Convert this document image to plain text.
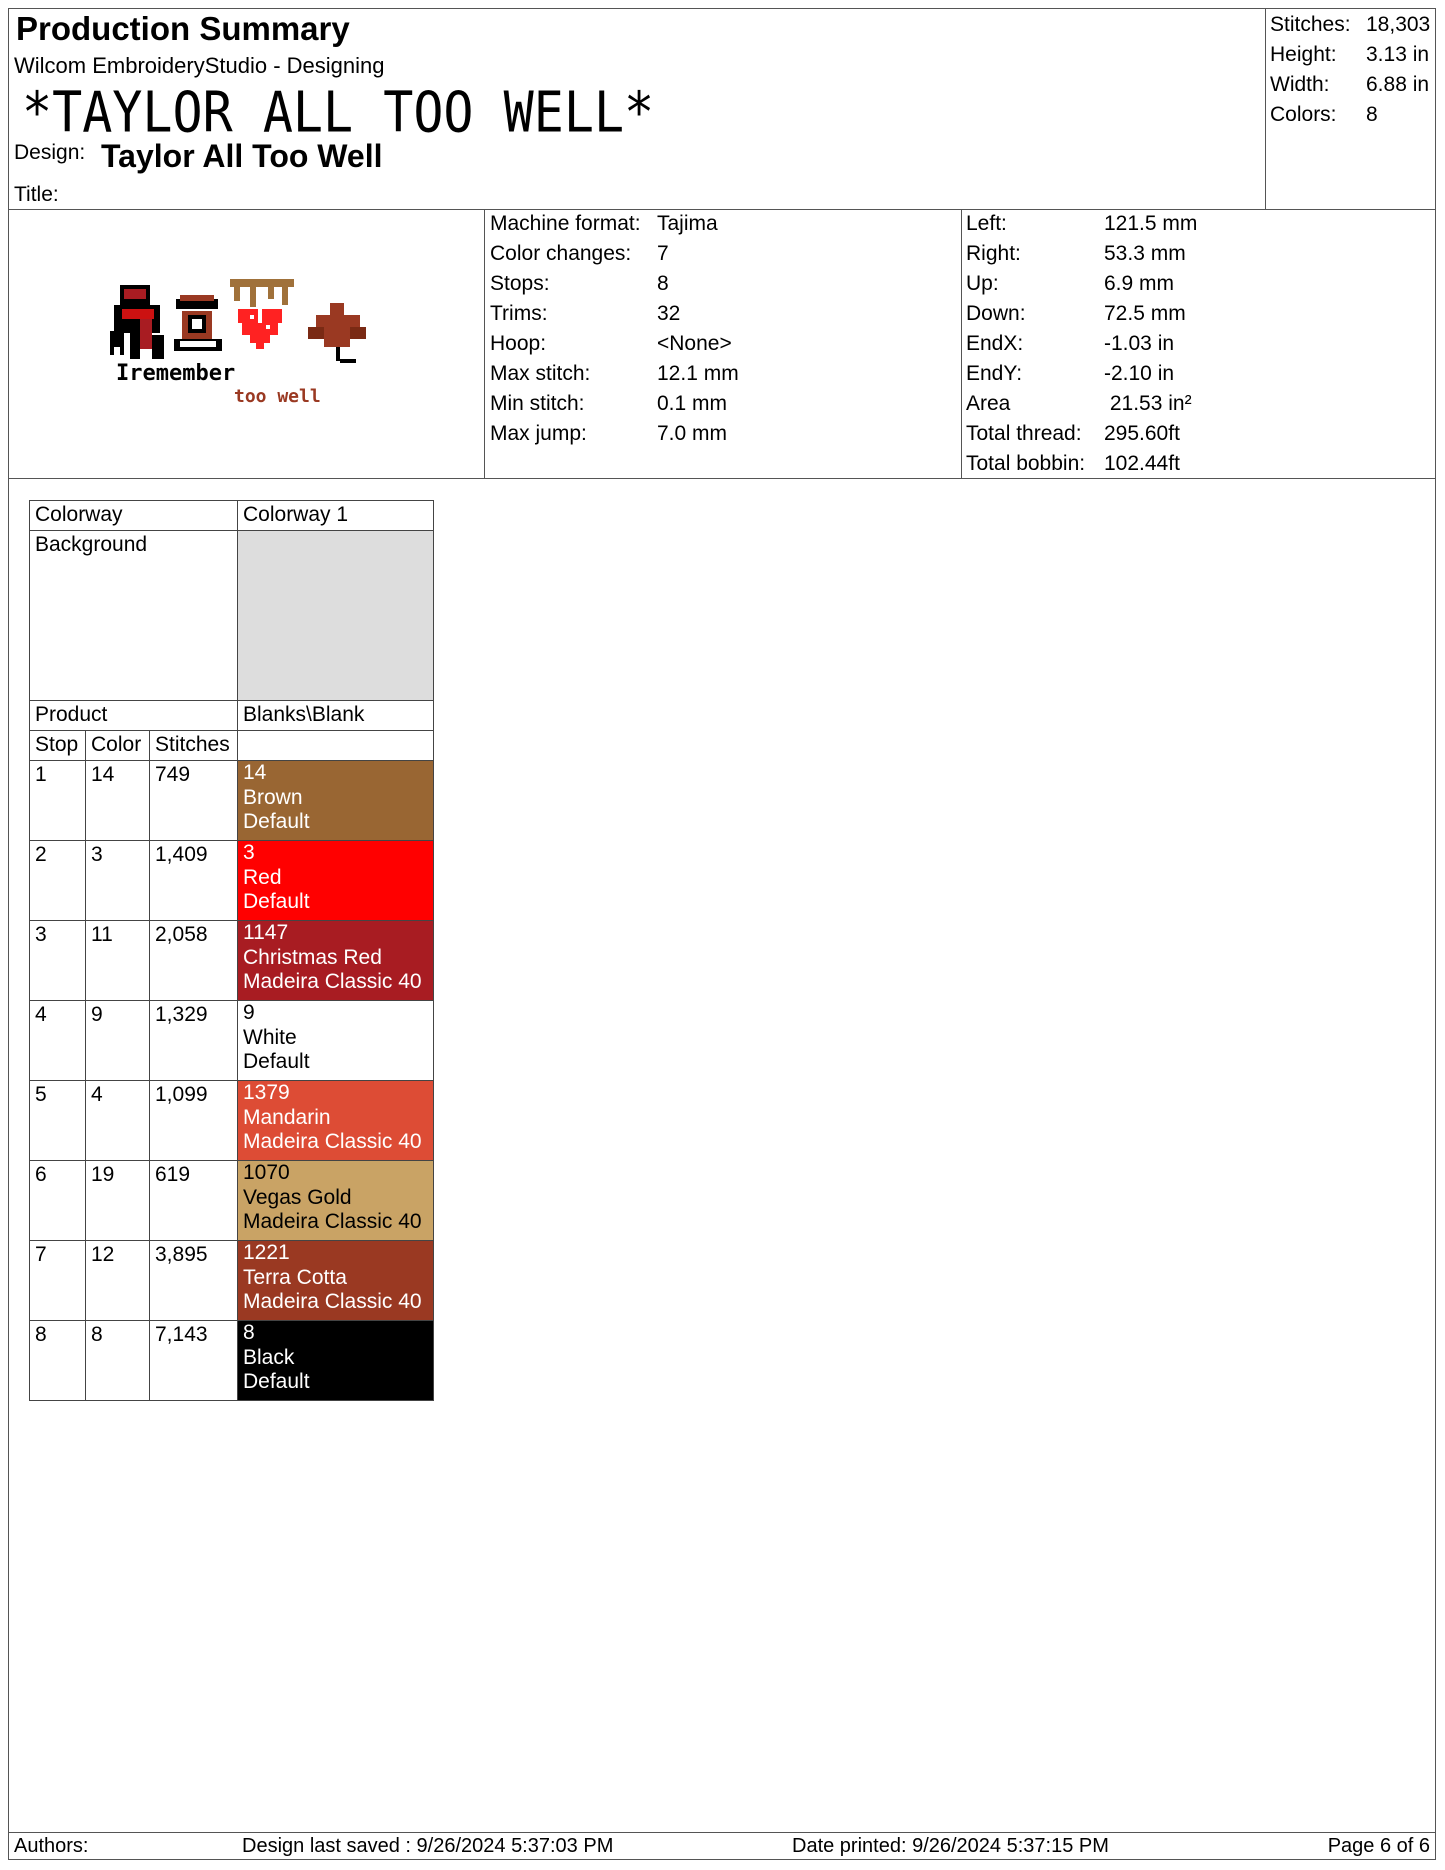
Production Summary
Wilcom EmbroideryStudio - Designing
*TAYLOR ALL TOO WELL*
Design: Taylor All Too Well
Title:
Stitches: 18,303
Height:	3.13 in
Width:	6.88 in
Colors:	8
Iremember
too well
Machine format: Tajima
Color changes:	7
Stops:	8
Trims:	32
Hoop:	<None>
Max stitch:	12.1 mm
Min stitch:	0.1 mm
Max jump:	7.0 mm
Left:	121.5 mm
Right:	53.3 mm
Up:	6.9 mm
Down:	72.5 mm
EndX:	-1.03 in
EndY:	-2.10 in
Area	21.53 in²
Total thread:	295.60ft
Total bobbin: 102.44ft
Colorway			Colorway 1
Background			
Product			Blanks\Blank
Stop	Color	Stitches	
1	14	749	14
Brown
Default

2	3	1,409	3
Red
Default

3	11	2,058	1147
Christmas Red
Madeira Classic 40

4	9	1,329	9
White
Default

5	4	1,099	1379
Mandarin
Madeira Classic 40

6	19	619	1070
Vegas Gold
Madeira Classic 40

7	12	3,895	1221
Terra Cotta
Madeira Classic 40

8	8	7,143	8
Black
Default
Authors:	Design last saved : 9/26/2024 5:37:03 PM	Date printed: 9/26/2024 5:37:15 PM	Page 6 of 6
